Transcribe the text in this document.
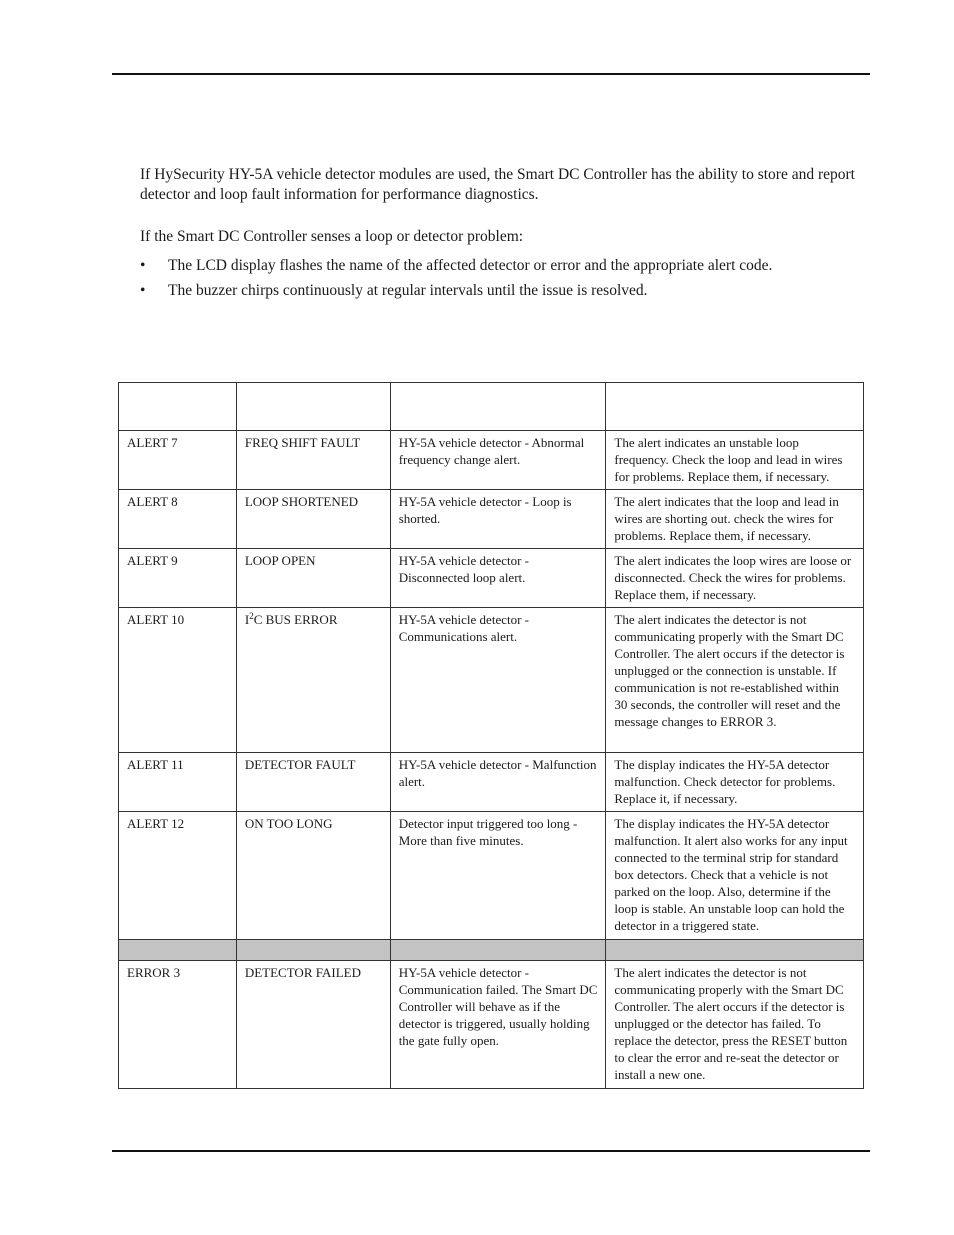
If HySecurity HY-5A vehicle detector modules are used, the Smart DC Controller has the ability to store and report detector and loop fault information for performance diagnostics.

If the Smart DC Controller senses a loop or detector problem:

• The LCD display flashes the name of the affected detector or error and the appropriate alert code.
• The buzzer chirps continuously at regular intervals until the issue is resolved.

ALERT 7	FREQ SHIFT FAULT	HY-5A vehicle detector - Abnormal frequency change alert.	The alert indicates an unstable loop frequency. Check the loop and lead in wires for problems. Replace them, if necessary.
ALERT 8	LOOP SHORTENED	HY-5A vehicle detector - Loop is shorted.	The alert indicates that the loop and lead in wires are shorting out. check the wires for problems. Replace them, if necessary.
ALERT 9	LOOP OPEN	HY-5A vehicle detector - Disconnected loop alert.	The alert indicates the loop wires are loose or disconnected. Check the wires for problems. Replace them, if necessary.
ALERT 10	$I^2C$ BUS ERROR	HY-5A vehicle detector - Communications alert.	The alert indicates the detector is not communicating properly with the Smart DC Controller. The alert occurs if the detector is unplugged or the connection is unstable. If communication is not re-established within 30 seconds, the controller will reset and the message changes to ERROR 3.
ALERT 11	DETECTOR FAULT	HY-5A vehicle detector - Malfunction alert.	The display indicates the HY-5A detector malfunction. Check detector for problems. Replace it, if necessary.
ALERT 12	ON TOO LONG	Detector input triggered too long - More than five minutes.	The display indicates the HY-5A detector malfunction. It alert also works for any input connected to the terminal strip for standard box detectors. Check that a vehicle is not parked on the loop. Also, determine if the loop is stable. An unstable loop can hold the detector in a triggered state.

ERROR 3	DETECTOR FAILED	HY-5A vehicle detector - Communication failed. The Smart DC Controller will behave as if the detector is triggered, usually holding the gate fully open.	The alert indicates the detector is not communicating properly with the Smart DC Controller. The alert occurs if the detector is unplugged or the detector has failed. To replace the detector, press the RESET button to clear the error and re-seat the detector or install a new one.
